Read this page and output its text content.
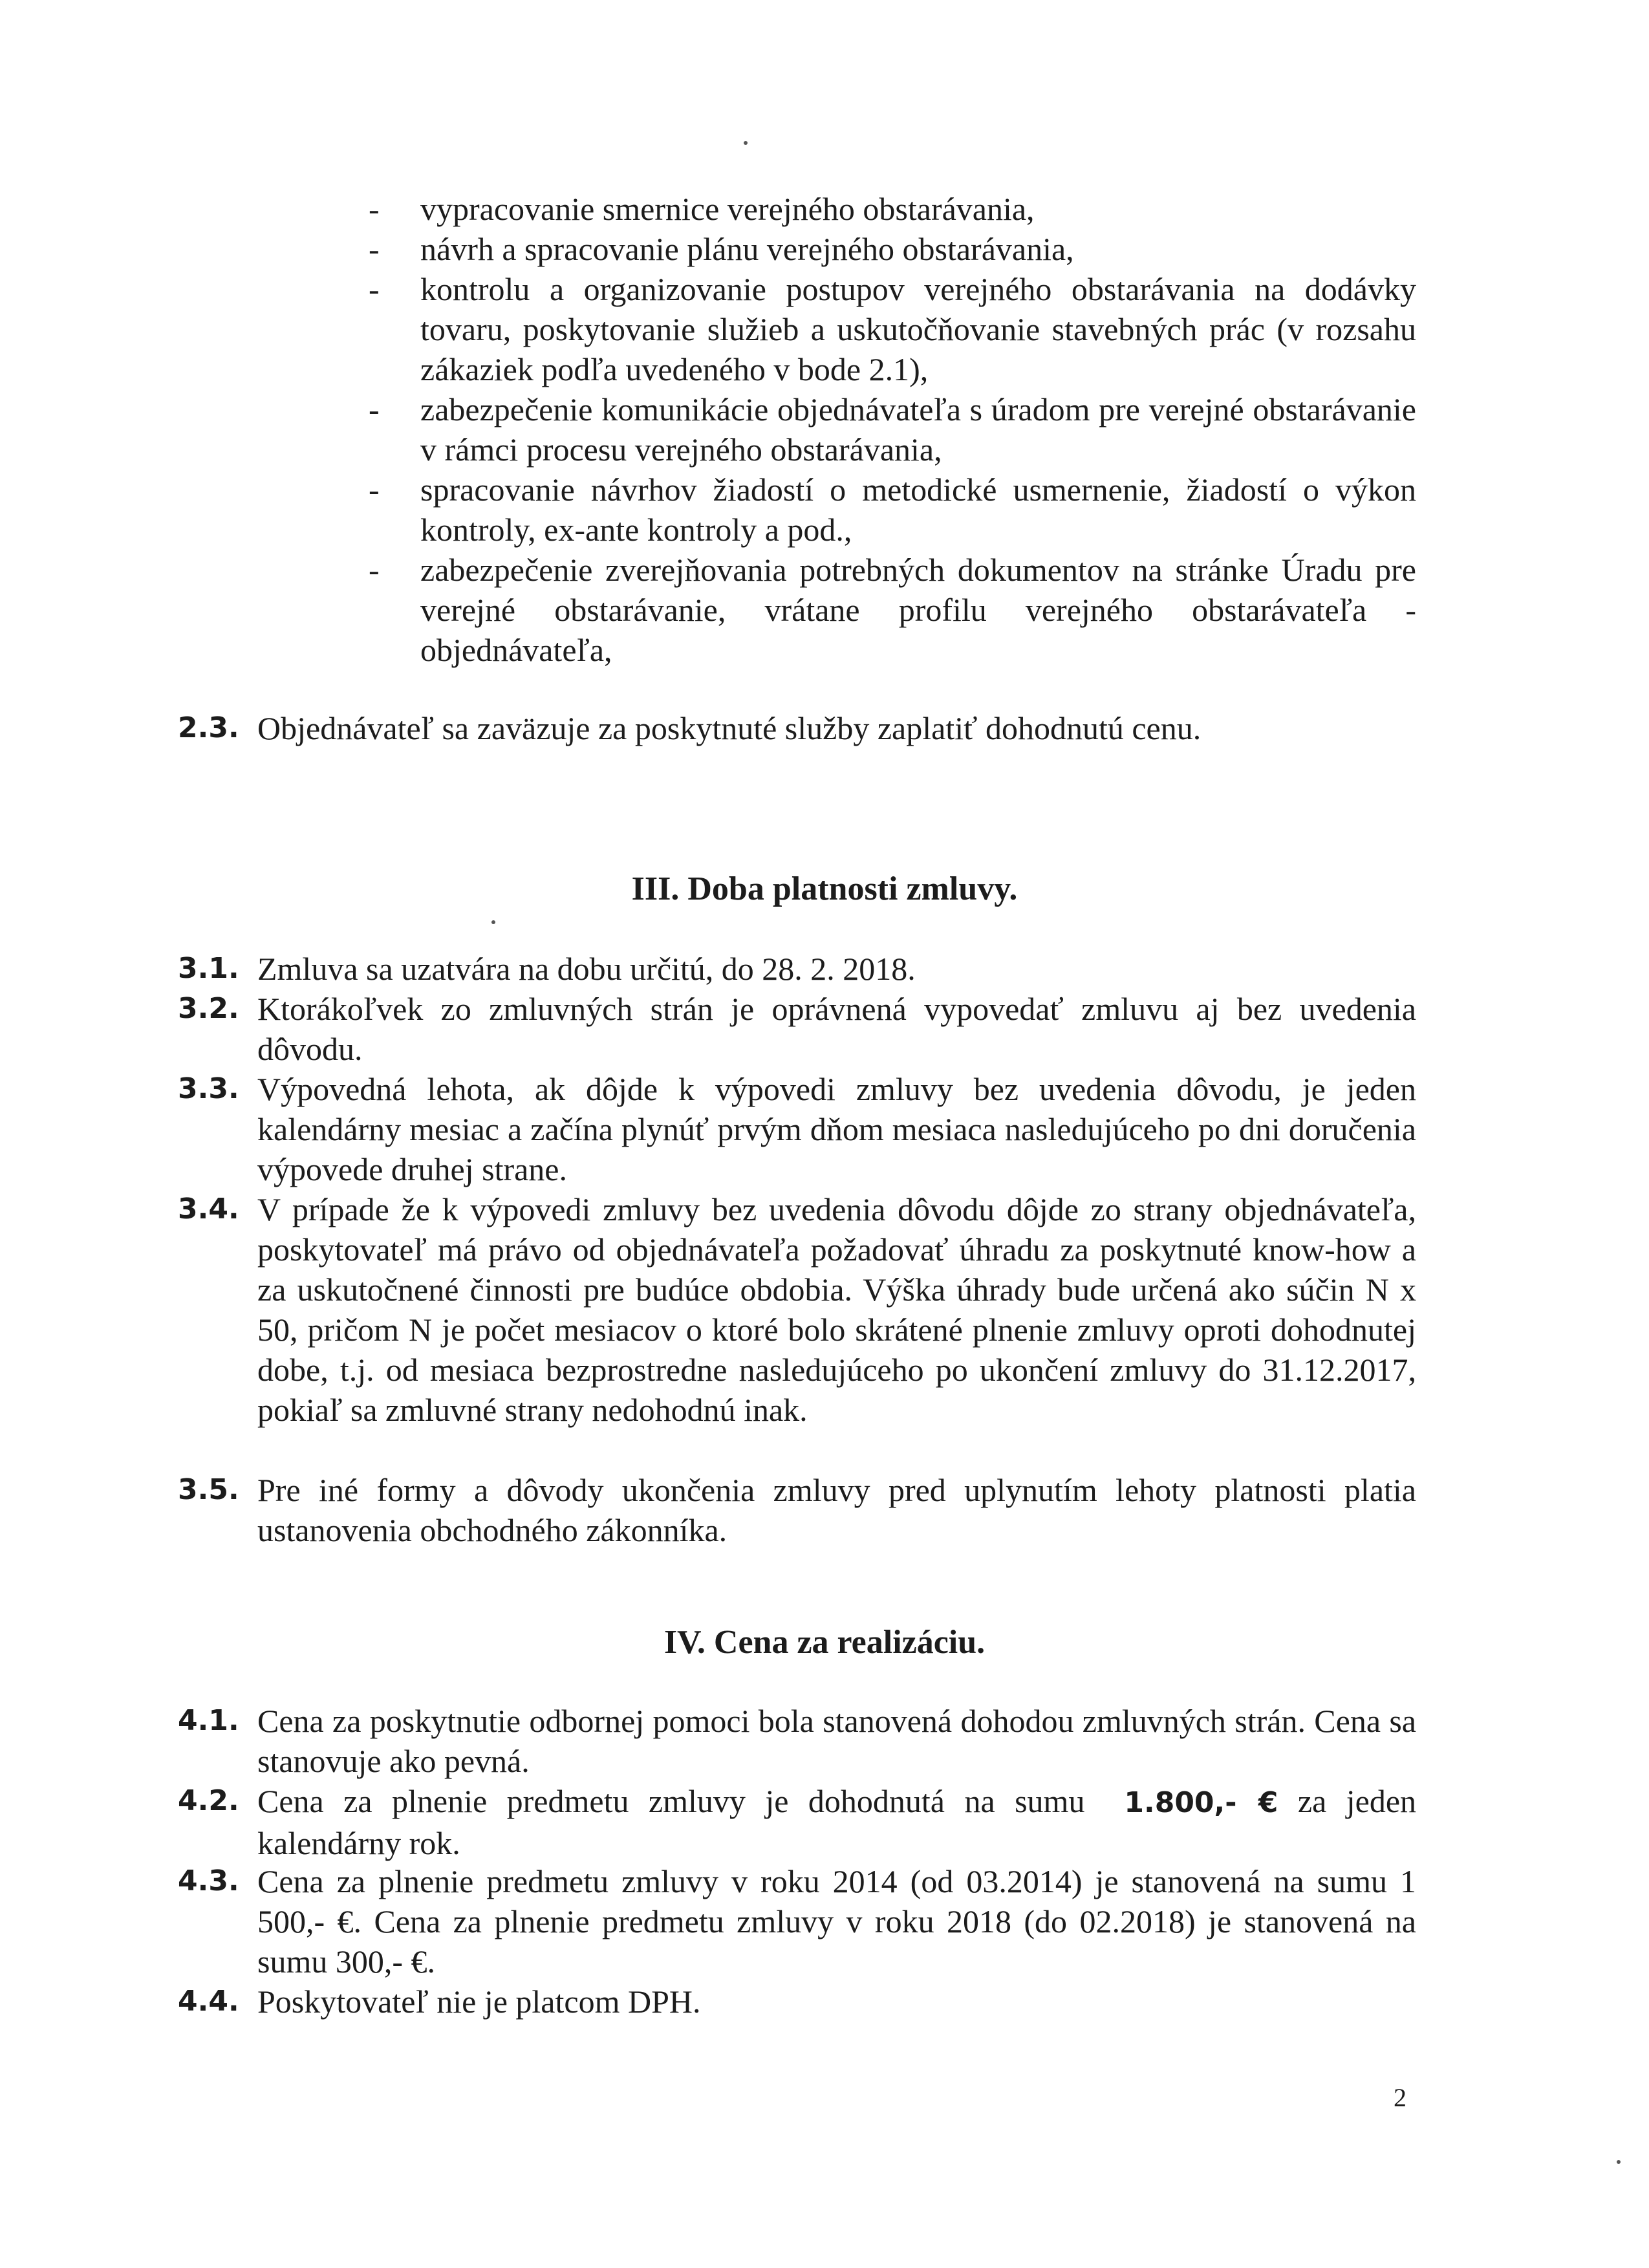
- vypracovanie smernice verejného obstarávania,

- návrh a spracovanie plánu verejného obstarávania,

- kontrolu a organizovanie postupov verejného obstarávania na dodávky tovaru, poskytovanie služieb a uskutočňovanie stavebných prác (v rozsahu zákaziek podľa uvedeného v bode 2.1),

- zabezpečenie komunikácie objednávateľa s úradom pre verejné obstarávanie v rámci procesu verejného obstarávania,

- spracovanie návrhov žiadostí o metodické usmernenie, žiadostí o výkon kontroly, ex-ante kontroly a pod.,

- zabezpečenie zverejňovania potrebných dokumentov na stránke Úradu pre verejné obstarávanie, vrátane profilu verejného obstarávateľa - objednávateľa,

2.3. Objednávateľ sa zaväzuje za poskytnuté služby zaplatiť dohodnutú cenu.
III. Doba platnosti zmluvy.
3.1. Zmluva sa uzatvára na dobu určitú, do 28. 2. 2018.
3.2. Ktorákoľvek zo zmluvných strán je oprávnená vypovedať zmluvu aj bez uvedenia dôvodu.
3.3. Výpovedná lehota, ak dôjde k výpovedi zmluvy bez uvedenia dôvodu, je jeden kalendárny mesiac a začína plynúť prvým dňom mesiaca nasledujúceho po dni doručenia výpovede druhej strane.
3.4. V prípade že k výpovedi zmluvy bez uvedenia dôvodu dôjde zo strany objednávateľa, poskytovateľ má právo od objednávateľa požadovať úhradu za poskytnuté know-how a za uskutočnené činnosti pre budúce obdobia. Výška úhrady bude určená ako súčin N x 50, pričom N je počet mesiacov o ktoré bolo skrátené plnenie zmluvy oproti dohodnutej dobe, t.j. od mesiaca bezprostredne nasledujúceho po ukončení zmluvy do 31.12.2017, pokiaľ sa zmluvné strany nedohodnú inak.
3.5. Pre iné formy a dôvody ukončenia zmluvy pred uplynutím lehoty platnosti platia ustanovenia obchodného zákonníka.
IV. Cena za realizáciu.
4.1. Cena za poskytnutie odbornej pomoci bola stanovená dohodou zmluvných strán. Cena sa stanovuje ako pevná.
4.2. Cena za plnenie predmetu zmluvy je dohodnutá na sumu 1.800,- € za jeden kalendárny rok.
4.3. Cena za plnenie predmetu zmluvy v roku 2014 (od 03.2014) je stanovená na sumu 1 500,- €. Cena za plnenie predmetu zmluvy v roku 2018 (do 02.2018) je stanovená na sumu 300,- €.
4.4. Poskytovateľ nie je platcom DPH.
2
